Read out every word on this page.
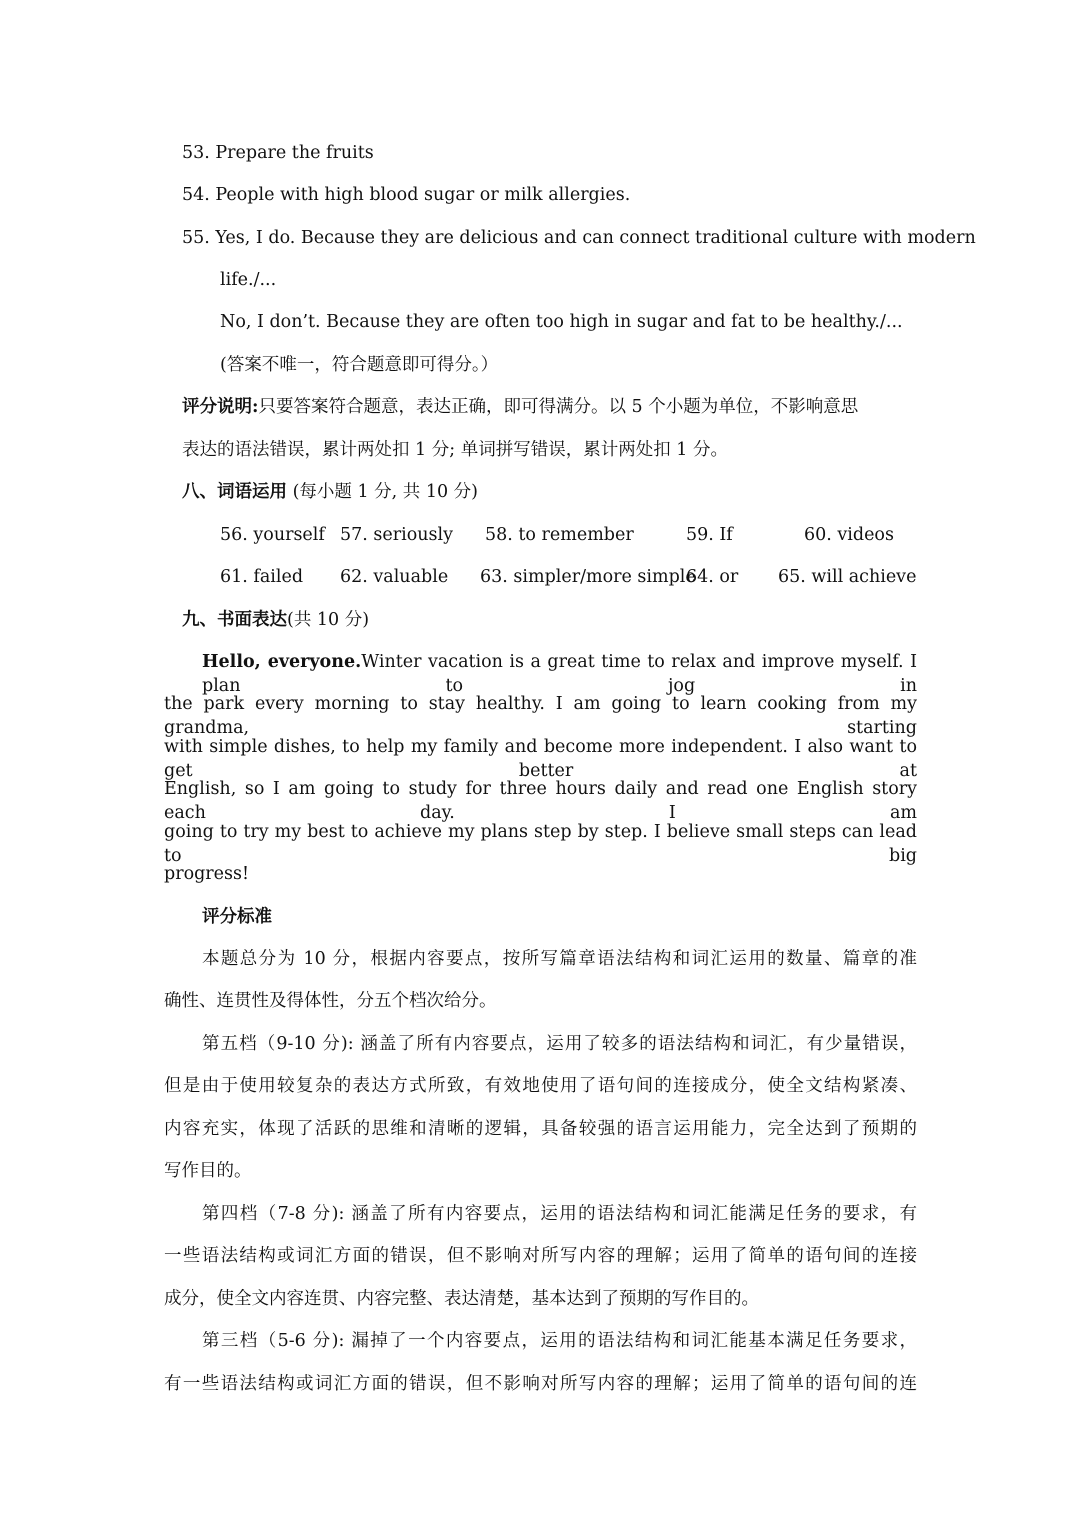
53. Prepare the fruits
54. People with high blood sugar or milk allergies.
55. Yes, I do. Because they are delicious and can connect traditional culture with modern
life./...
No, I don’t. Because they are often too high in sugar and fat to be healthy./...
(答案不唯一，符合题意即可得分。）
评分说明:只要答案符合题意，表达正确，即可得满分。以 5 个小题为单位，不影响意思
表达的语法错误，累计两处扣 1 分; 单词拼写错误，累计两处扣 1 分。
八、词语运用 (每小题 1 分, 共 10 分)
56. yourself 57. seriously 58. to remember	59. If	60. videos
61. failed 62. valuable 63. simpler/more simple
64. or 65. will achieve
九、书面表达(共 10 分)
Hello, everyone.Winter vacation is a great time to relax and improve myself. I plan to jog in
the park every morning to stay healthy. I am going to learn cooking from my grandma, starting
with simple dishes, to help my family and become more independent. I also want to get better at
English, so I am going to study for three hours daily and read one English story each day. I am
going to try my best to achieve my plans step by step. I believe small steps can lead to big
progress!
评分标准
本题总分为 10 分，根据内容要点，按所写篇章语法结构和词汇运用的数量、篇章的准
确性、连贯性及得体性，分五个档次给分。
第五档（9-10 分): 涵盖了所有内容要点，运用了较多的语法结构和词汇，有少量错误，
但是由于使用较复杂的表达方式所致，有效地使用了语句间的连接成分，使全文结构紧凑、
内容充实，体现了活跃的思维和清晰的逻辑，具备较强的语言运用能力，完全达到了预期的
写作目的。
第四档（7-8 分): 涵盖了所有内容要点，运用的语法结构和词汇能满足任务的要求，有
一些语法结构或词汇方面的错误，但不影响对所写内容的理解；运用了简单的语句间的连接
成分，使全文内容连贯、内容完整、表达清楚，基本达到了预期的写作目的。
第三档（5-6 分): 漏掉了一个内容要点，运用的语法结构和词汇能基本满足任务要求，
有一些语法结构或词汇方面的错误，但不影响对所写内容的理解；运用了简单的语句间的连
